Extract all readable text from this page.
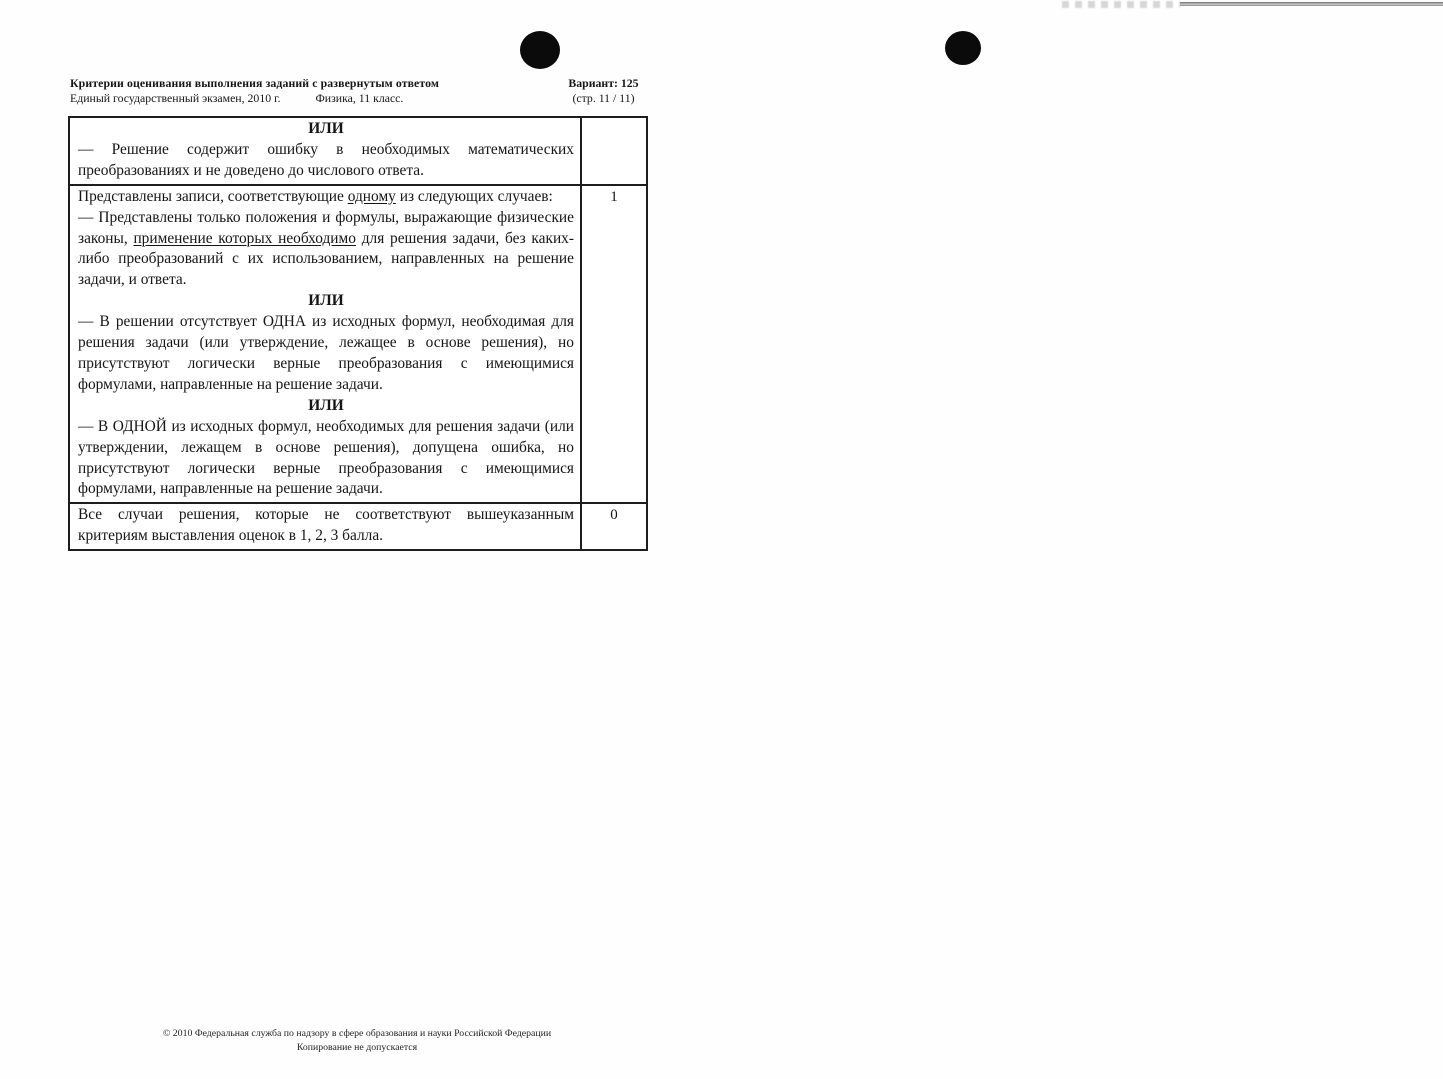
Критерии оценивания выполнения заданий с развернутым ответом
Единый государственный экзамен, 2010 г.	Физика, 11 класс.
Вариант: 125
(стр. 11 / 11)
ИЛИ
— Решение содержит ошибку в необходимых математических преобразованиях и не доведено до числового ответа.	

Представлены записи, соответствующие одному из следующих случаев:
— Представлены только положения и формулы, выражающие физические законы, применение которых необходимо для решения задачи, без каких-либо преобразований с их использованием, направленных на решение задачи, и ответа.
ИЛИ
— В решении отсутствует ОДНА из исходных формул, необходимая для решения задачи (или утверждение, лежащее в основе решения), но присутствуют логически верные преобразования с имеющимися формулами, направленные на решение задачи.
ИЛИ
— В ОДНОЙ из исходных формул, необходимых для решения задачи (или утверждении, лежащем в основе решения), допущена ошибка, но присутствуют логически верные преобразования с имеющимися формулами, направленные на решение задачи.
	1

Все случаи решения, которые не соответствуют вышеуказанным критериям выставления оценок в 1, 2, 3 балла.	0
© 2010 Федеральная служба по надзору в сфере образования и науки Российской Федерации
Копирование не допускается
